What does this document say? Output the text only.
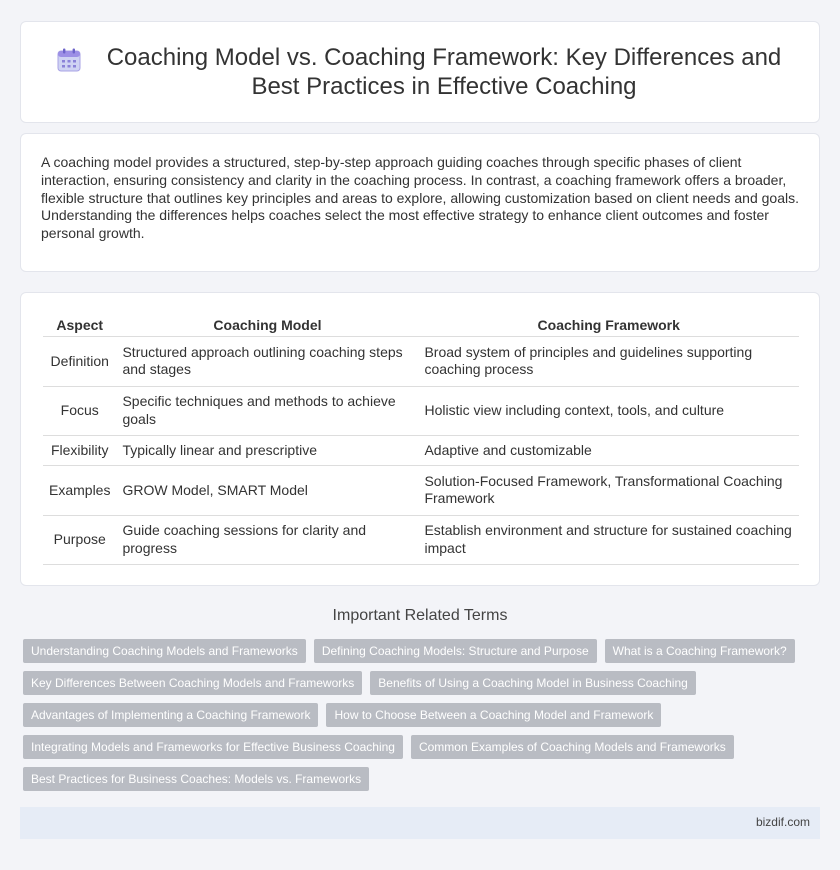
Coaching Model vs. Coaching Framework: Key Differences and Best Practices in Effective Coaching

A coaching model provides a structured, step-by-step approach guiding coaches through specific phases of client interaction, ensuring consistency and clarity in the coaching process. In contrast, a coaching framework offers a broader, flexible structure that outlines key principles and areas to explore, allowing customization based on client needs and goals. Understanding the differences helps coaches select the most effective strategy to enhance client outcomes and foster personal growth.

Aspect	Coaching Model	Coaching Framework
Definition	Structured approach outlining coaching steps and stages	Broad system of principles and guidelines supporting coaching process
Focus	Specific techniques and methods to achieve goals	Holistic view including context, tools, and culture
Flexibility	Typically linear and prescriptive	Adaptive and customizable
Examples	GROW Model, SMART Model	Solution-Focused Framework, Transformational Coaching Framework
Purpose	Guide coaching sessions for clarity and progress	Establish environment and structure for sustained coaching impact
Important Related Terms
Understanding Coaching Models and Frameworks	Defining Coaching Models: Structure and Purpose	What is a Coaching Framework?
Key Differences Between Coaching Models and Frameworks	Benefits of Using a Coaching Model in Business Coaching
Advantages of Implementing a Coaching Framework	How to Choose Between a Coaching Model and Framework
Integrating Models and Frameworks for Effective Business Coaching	Common Examples of Coaching Models and Frameworks
Best Practices for Business Coaches: Models vs. Frameworks
bizdif.com
